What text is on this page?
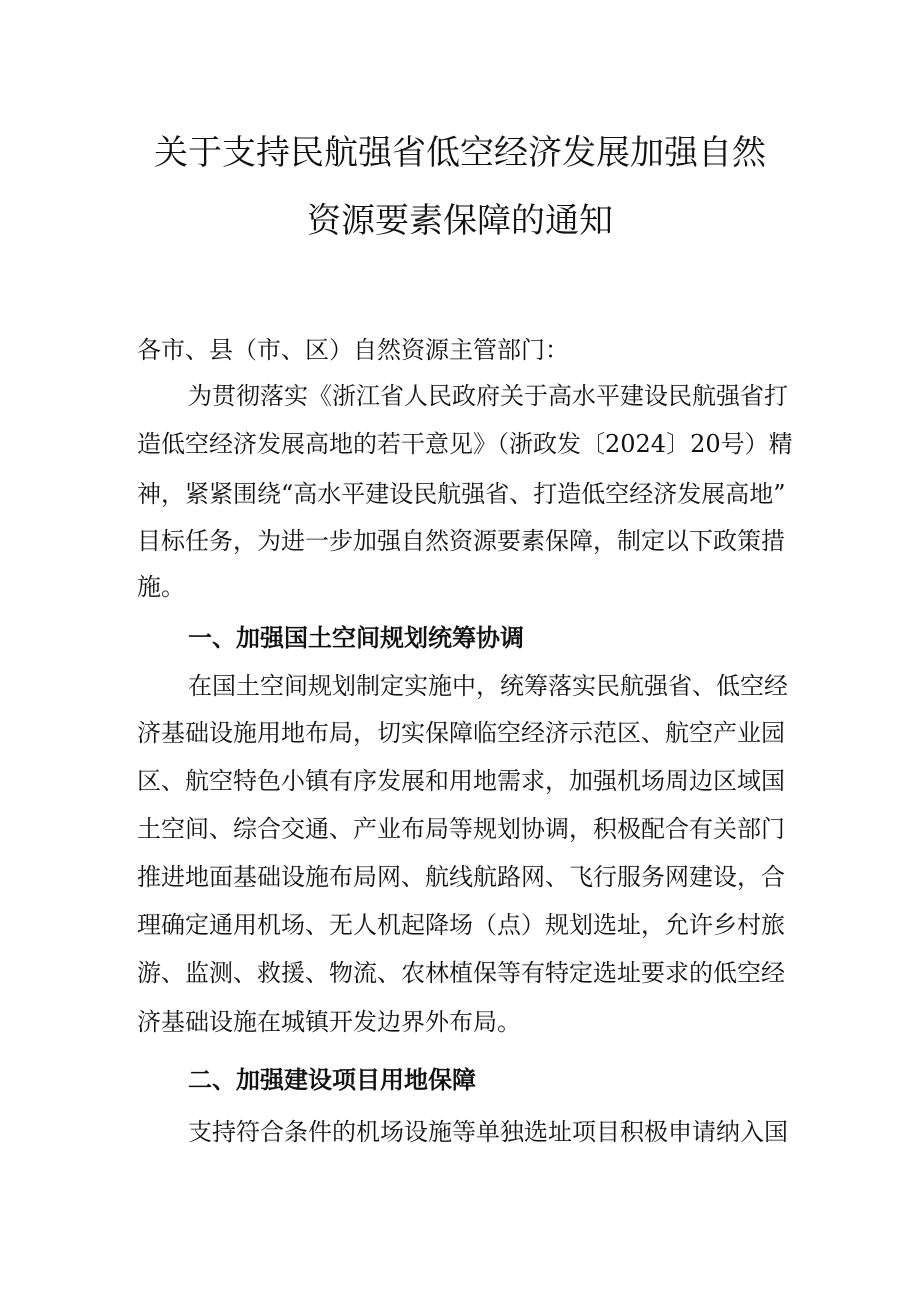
关于支持民航强省低空经济发展加强自然
资源要素保障的通知
各市、县（市、区）自然资源主管部门：
为贯彻落实《浙江省人民政府关于高水平建设民航强省打
造低空经济发展高地的若干意见》（浙政发〔2024〕20号）精
神，紧紧围绕“高水平建设民航强省、打造低空经济发展高地”
目标任务，为进一步加强自然资源要素保障，制定以下政策措
施。
一、加强国土空间规划统筹协调
在国土空间规划制定实施中，统筹落实民航强省、低空经
济基础设施用地布局，切实保障临空经济示范区、航空产业园
区、航空特色小镇有序发展和用地需求，加强机场周边区域国
土空间、综合交通、产业布局等规划协调，积极配合有关部门
推进地面基础设施布局网、航线航路网、飞行服务网建设，合
理确定通用机场、无人机起降场（点）规划选址，允许乡村旅
游、监测、救援、物流、农林植保等有特定选址要求的低空经
济基础设施在城镇开发边界外布局。
二、加强建设项目用地保障
支持符合条件的机场设施等单独选址项目积极申请纳入国
